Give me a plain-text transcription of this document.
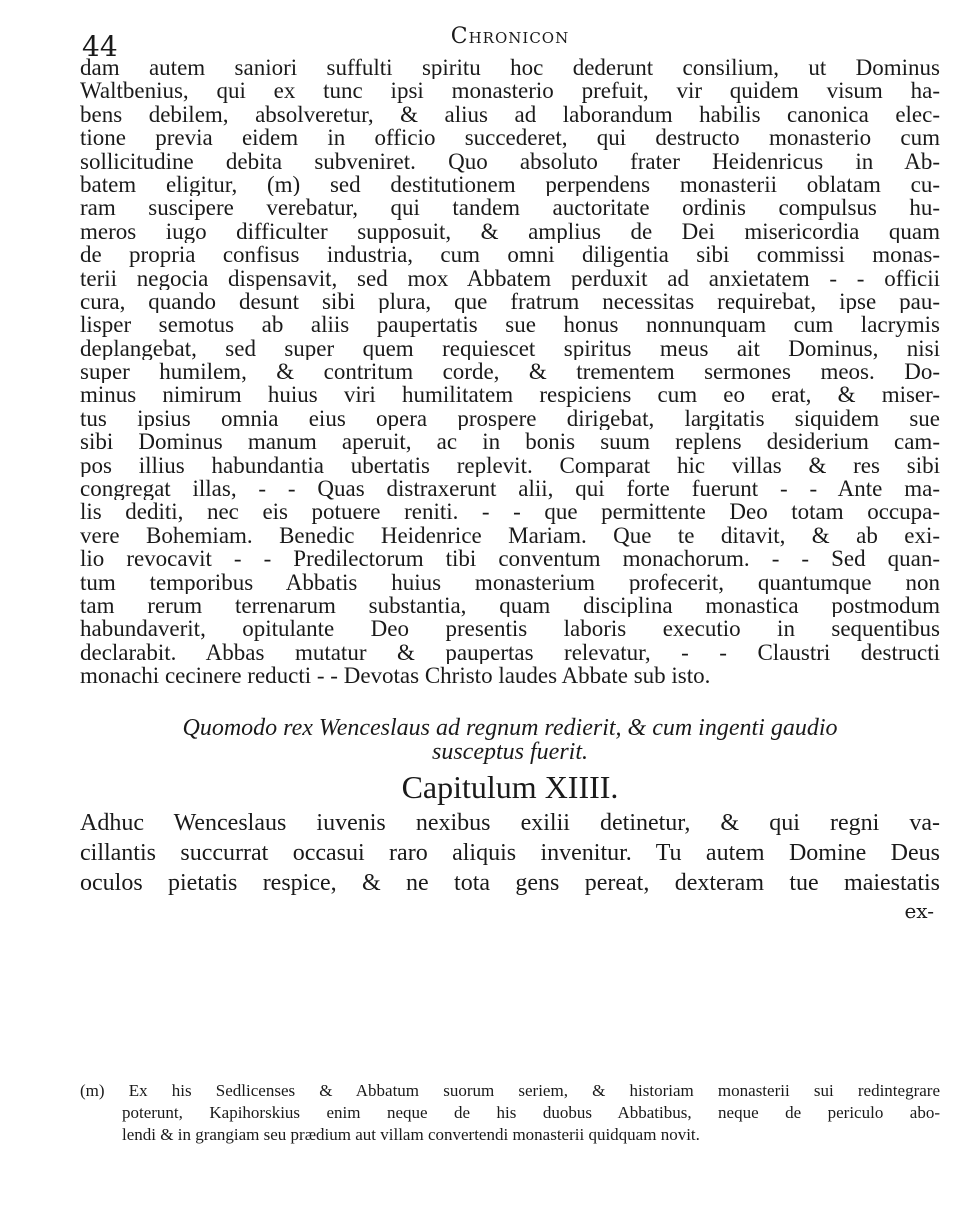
44	Chronicon
dam autem saniori suffulti spiritu hoc dederunt consilium, ut Dominus
Waltbenius, qui ex tunc ipsi monasterio prefuit, vir quidem visum ha-
bens debilem, absolveretur, & alius ad laborandum habilis canonica elec-
tione previa eidem in officio succederet, qui destructo monasterio cum
sollicitudine debita subveniret. Quo absoluto frater Heidenricus in Ab-
batem eligitur, (m) sed destitutionem perpendens monasterii oblatam cu-
ram suscipere verebatur, qui tandem auctoritate ordinis compulsus hu-
meros iugo difficulter supposuit, & amplius de Dei misericordia quam
de propria confisus industria, cum omni diligentia sibi commissi monas-
terii negocia dispensavit, sed mox Abbatem perduxit ad anxietatem - - officii
cura, quando desunt sibi plura, que fratrum necessitas requirebat, ipse pau-
lisper semotus ab aliis paupertatis sue honus nonnunquam cum lacrymis
deplangebat, sed super quem requiescet spiritus meus ait Dominus, nisi
super humilem, & contritum corde, & trementem sermones meos. Do-
minus nimirum huius viri humilitatem respiciens cum eo erat, & miser-
tus ipsius omnia eius opera prospere dirigebat, largitatis siquidem sue
sibi Dominus manum aperuit, ac in bonis suum replens desiderium cam-
pos illius habundantia ubertatis replevit. Comparat hic villas & res sibi
congregat illas, - - Quas distraxerunt alii, qui forte fuerunt - - Ante ma-
lis dediti, nec eis potuere reniti. - - que permittente Deo totam occupa-
vere Bohemiam. Benedic Heidenrice Mariam. Que te ditavit, & ab exi-
lio revocavit - - Predilectorum tibi conventum monachorum. - - Sed quan-
tum temporibus Abbatis huius monasterium profecerit, quantumque non
tam rerum terrenarum substantia, quam disciplina monastica postmodum
habundaverit, opitulante Deo presentis laboris executio in sequentibus
declarabit. Abbas mutatur & paupertas relevatur, - - Claustri destructi
monachi cecinere reducti - - Devotas Christo laudes Abbate sub isto.
Quomodo rex Wenceslaus ad regnum redierit, & cum ingenti gaudio
susceptus fuerit.
Capitulum XIIII.
Adhuc Wenceslaus iuvenis nexibus exilii detinetur, & qui regni va-
cillantis succurrat occasui raro aliquis invenitur. Tu autem Domine Deus
oculos pietatis respice, & ne tota gens pereat, dexteram tue maiestatis
ex-
(m) Ex his Sedlicenses & Abbatum suorum seriem, & historiam monasterii sui redintegrare
poterunt, Kapihorskius enim neque de his duobus Abbatibus, neque de periculo abo-
lendi & in grangiam seu prædium aut villam convertendi monasterii quidquam novit.
